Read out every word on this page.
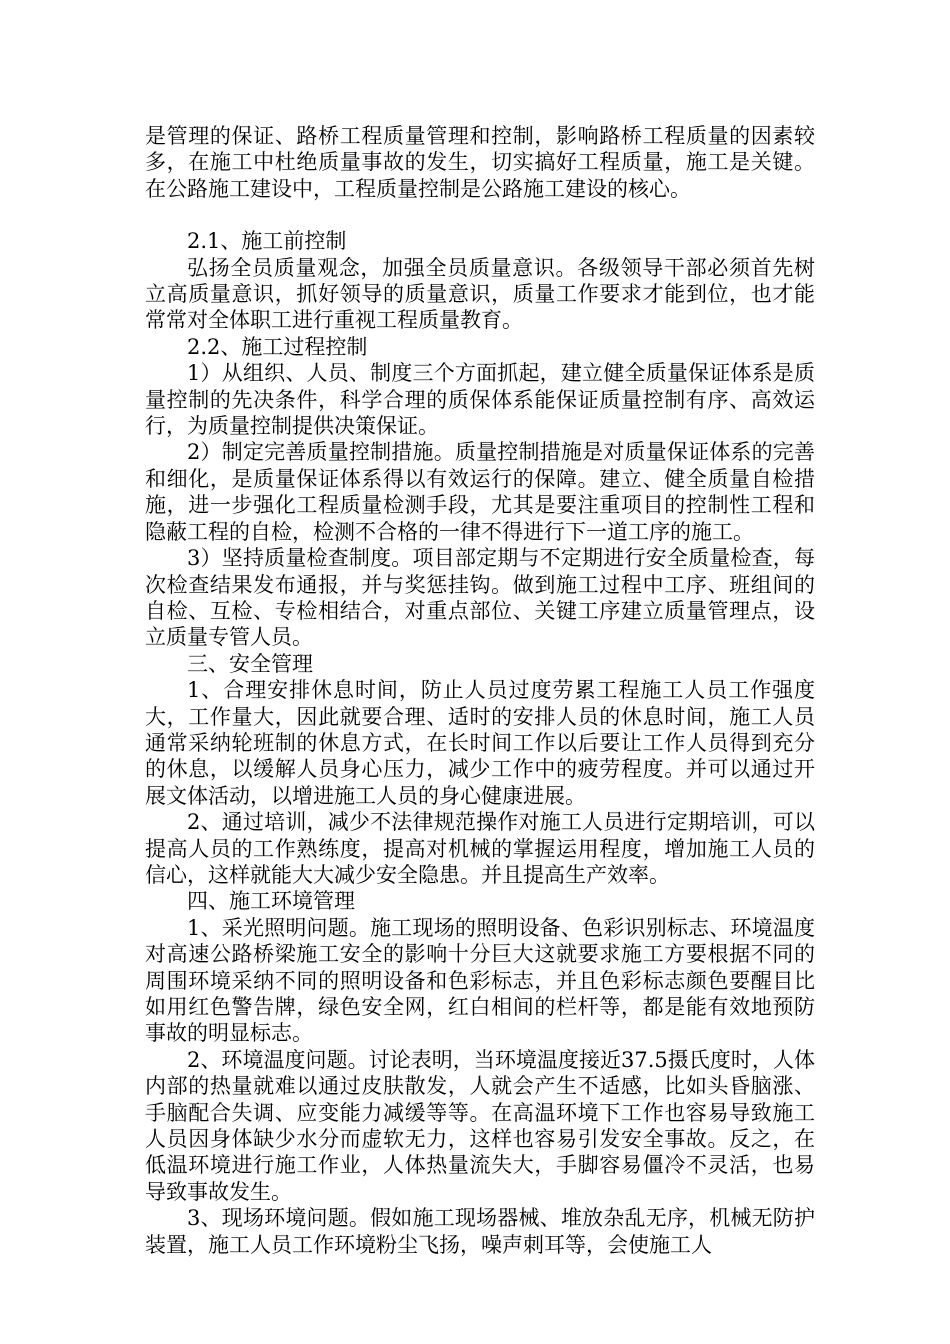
是管理的保证、路桥工程质量管理和控制，影响路桥工程质量的因素较多，在施工中杜绝质量事故的发生，切实搞好工程质量，施工是关键。在公路施工建设中，工程质量控制是公路施工建设的核心。

2.1、施工前控制

弘扬全员质量观念，加强全员质量意识。各级领导干部必须首先树立高质量意识，抓好领导的质量意识，质量工作要求才能到位，也才能常常对全体职工进行重视工程质量教育。

2.2、施工过程控制

1）从组织、人员、制度三个方面抓起，建立健全质量保证体系是质量控制的先决条件，科学合理的质保体系能保证质量控制有序、高效运行，为质量控制提供决策保证。

2）制定完善质量控制措施。质量控制措施是对质量保证体系的完善和细化，是质量保证体系得以有效运行的保障。建立、健全质量自检措施，进一步强化工程质量检测手段，尤其是要注重项目的控制性工程和隐蔽工程的自检，检测不合格的一律不得进行下一道工序的施工。

3）坚持质量检查制度。项目部定期与不定期进行安全质量检查，每次检查结果发布通报，并与奖惩挂钩。做到施工过程中工序、班组间的自检、互检、专检相结合，对重点部位、关键工序建立质量管理点，设立质量专管人员。

三、安全管理

1、合理安排休息时间，防止人员过度劳累工程施工人员工作强度大，工作量大，因此就要合理、适时的安排人员的休息时间，施工人员通常采纳轮班制的休息方式，在长时间工作以后要让工作人员得到充分的休息，以缓解人员身心压力，减少工作中的疲劳程度。并可以通过开展文体活动，以增进施工人员的身心健康进展。

2、通过培训，减少不法律规范操作对施工人员进行定期培训，可以提高人员的工作熟练度，提高对机械的掌握运用程度，增加施工人员的信心，这样就能大大减少安全隐患。并且提高生产效率。

四、施工环境管理

1、采光照明问题。施工现场的照明设备、色彩识别标志、环境温度对高速公路桥梁施工安全的影响十分巨大这就要求施工方要根据不同的周围环境采纳不同的照明设备和色彩标志，并且色彩标志颜色要醒目比如用红色警告牌，绿色安全网，红白相间的栏杆等，都是能有效地预防事故的明显标志。

2、环境温度问题。讨论表明，当环境温度接近37.5摄氏度时，人体内部的热量就难以通过皮肤散发，人就会产生不适感，比如头昏脑涨、手脑配合失调、应变能力减缓等等。在高温环境下工作也容易导致施工人员因身体缺少水分而虚软无力，这样也容易引发安全事故。反之，在低温环境进行施工作业，人体热量流失大，手脚容易僵冷不灵活，也易导致事故发生。

3、现场环境问题。假如施工现场器械、堆放杂乱无序，机械无防护装置，施工人员工作环境粉尘飞扬，噪声刺耳等，会使施工人
